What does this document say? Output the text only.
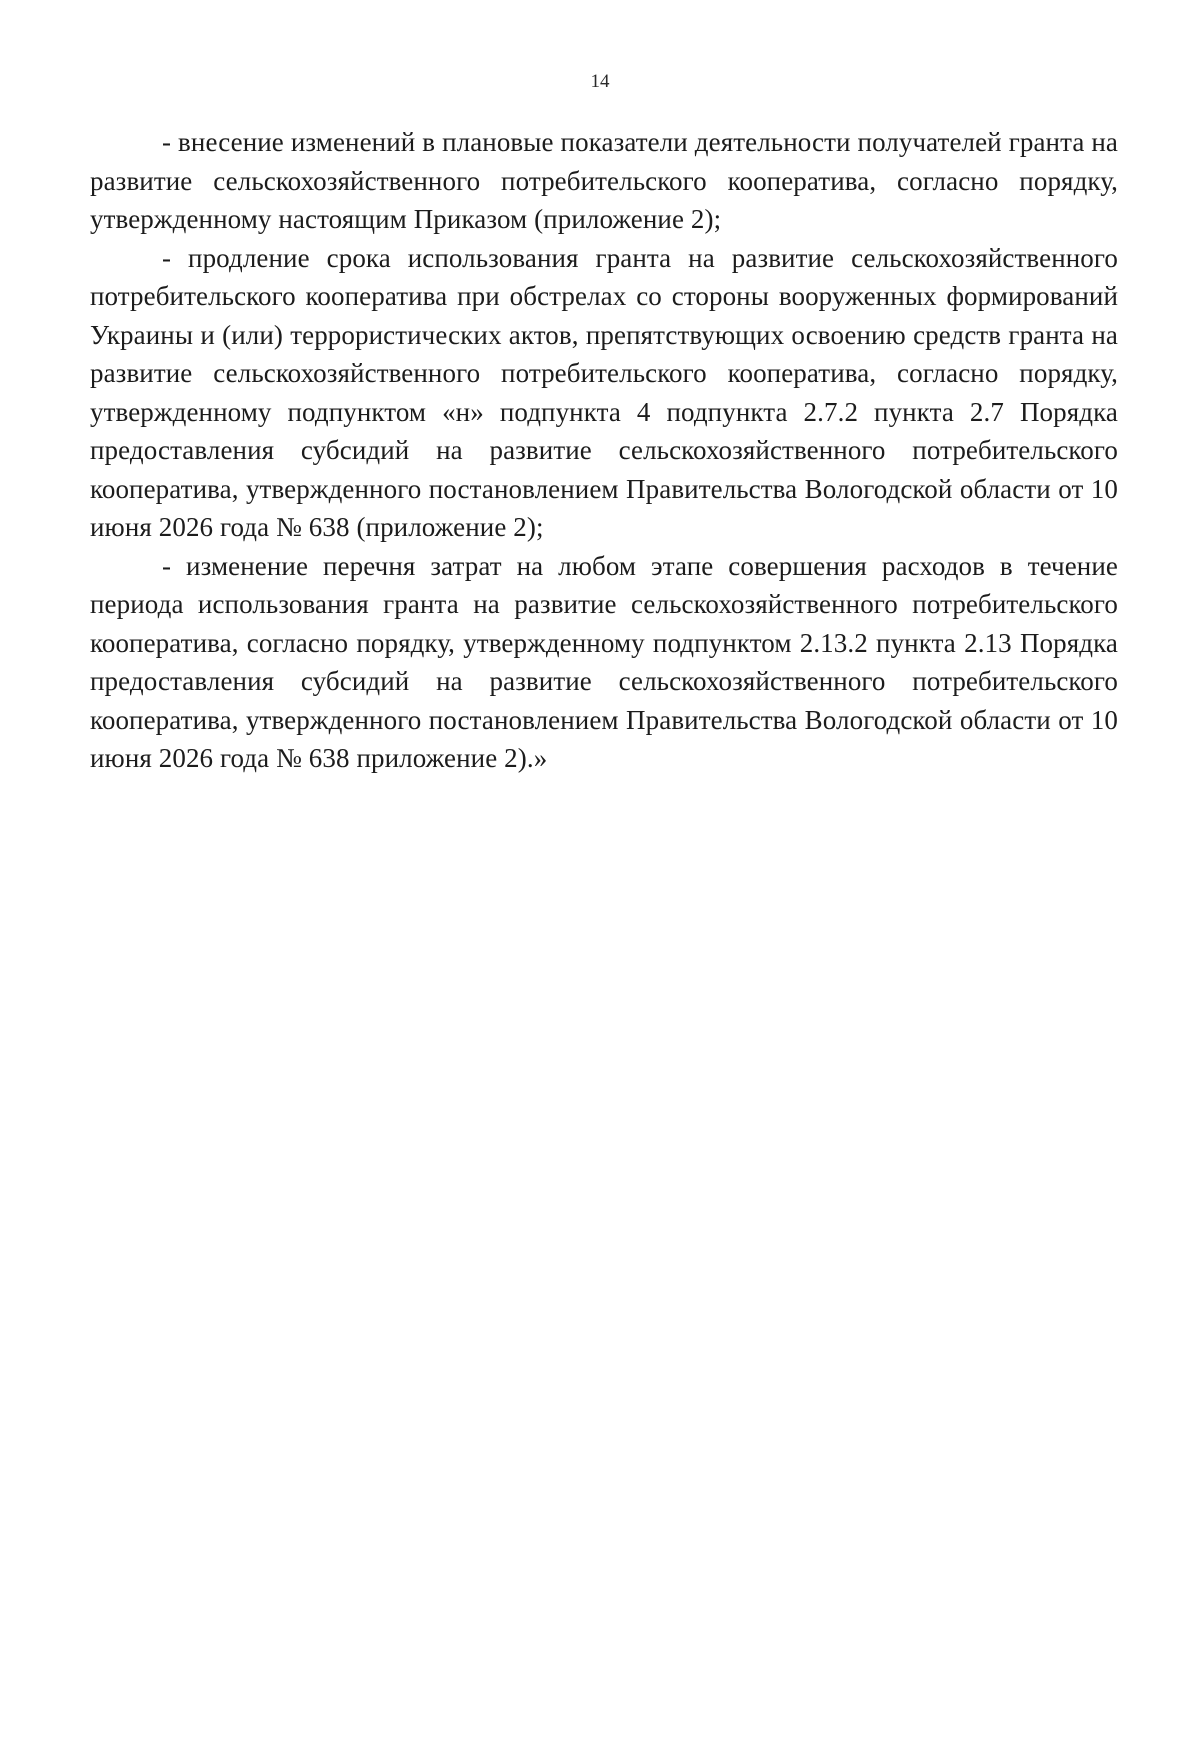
14

- внесение изменений в плановые показатели деятельности получателей гранта на развитие сельскохозяйственного потребительского кооператива, согласно порядку, утвержденному настоящим Приказом (приложение 2);

- продление срока использования гранта на развитие сельскохозяйственного потребительского кооператива при обстрелах со стороны вооруженных формирований Украины и (или) террористических актов, препятствующих освоению средств гранта на развитие сельскохозяйственного потребительского кооператива, согласно порядку, утвержденному подпунктом «н» подпункта 4 подпункта 2.7.2 пункта 2.7 Порядка предоставления субсидий на развитие сельскохозяйственного потребительского кооператива, утвержденного постановлением Правительства Вологодской области от 10 июня 2026 года № 638 (приложение 2);

- изменение перечня затрат на любом этапе совершения расходов в течение периода использования гранта на развитие сельскохозяйственного потребительского кооператива, согласно порядку, утвержденному подпунктом 2.13.2 пункта 2.13 Порядка предоставления субсидий на развитие сельскохозяйственного потребительского кооператива, утвержденного постановлением Правительства Вологодской области от 10 июня 2026 года № 638 приложение 2).»
